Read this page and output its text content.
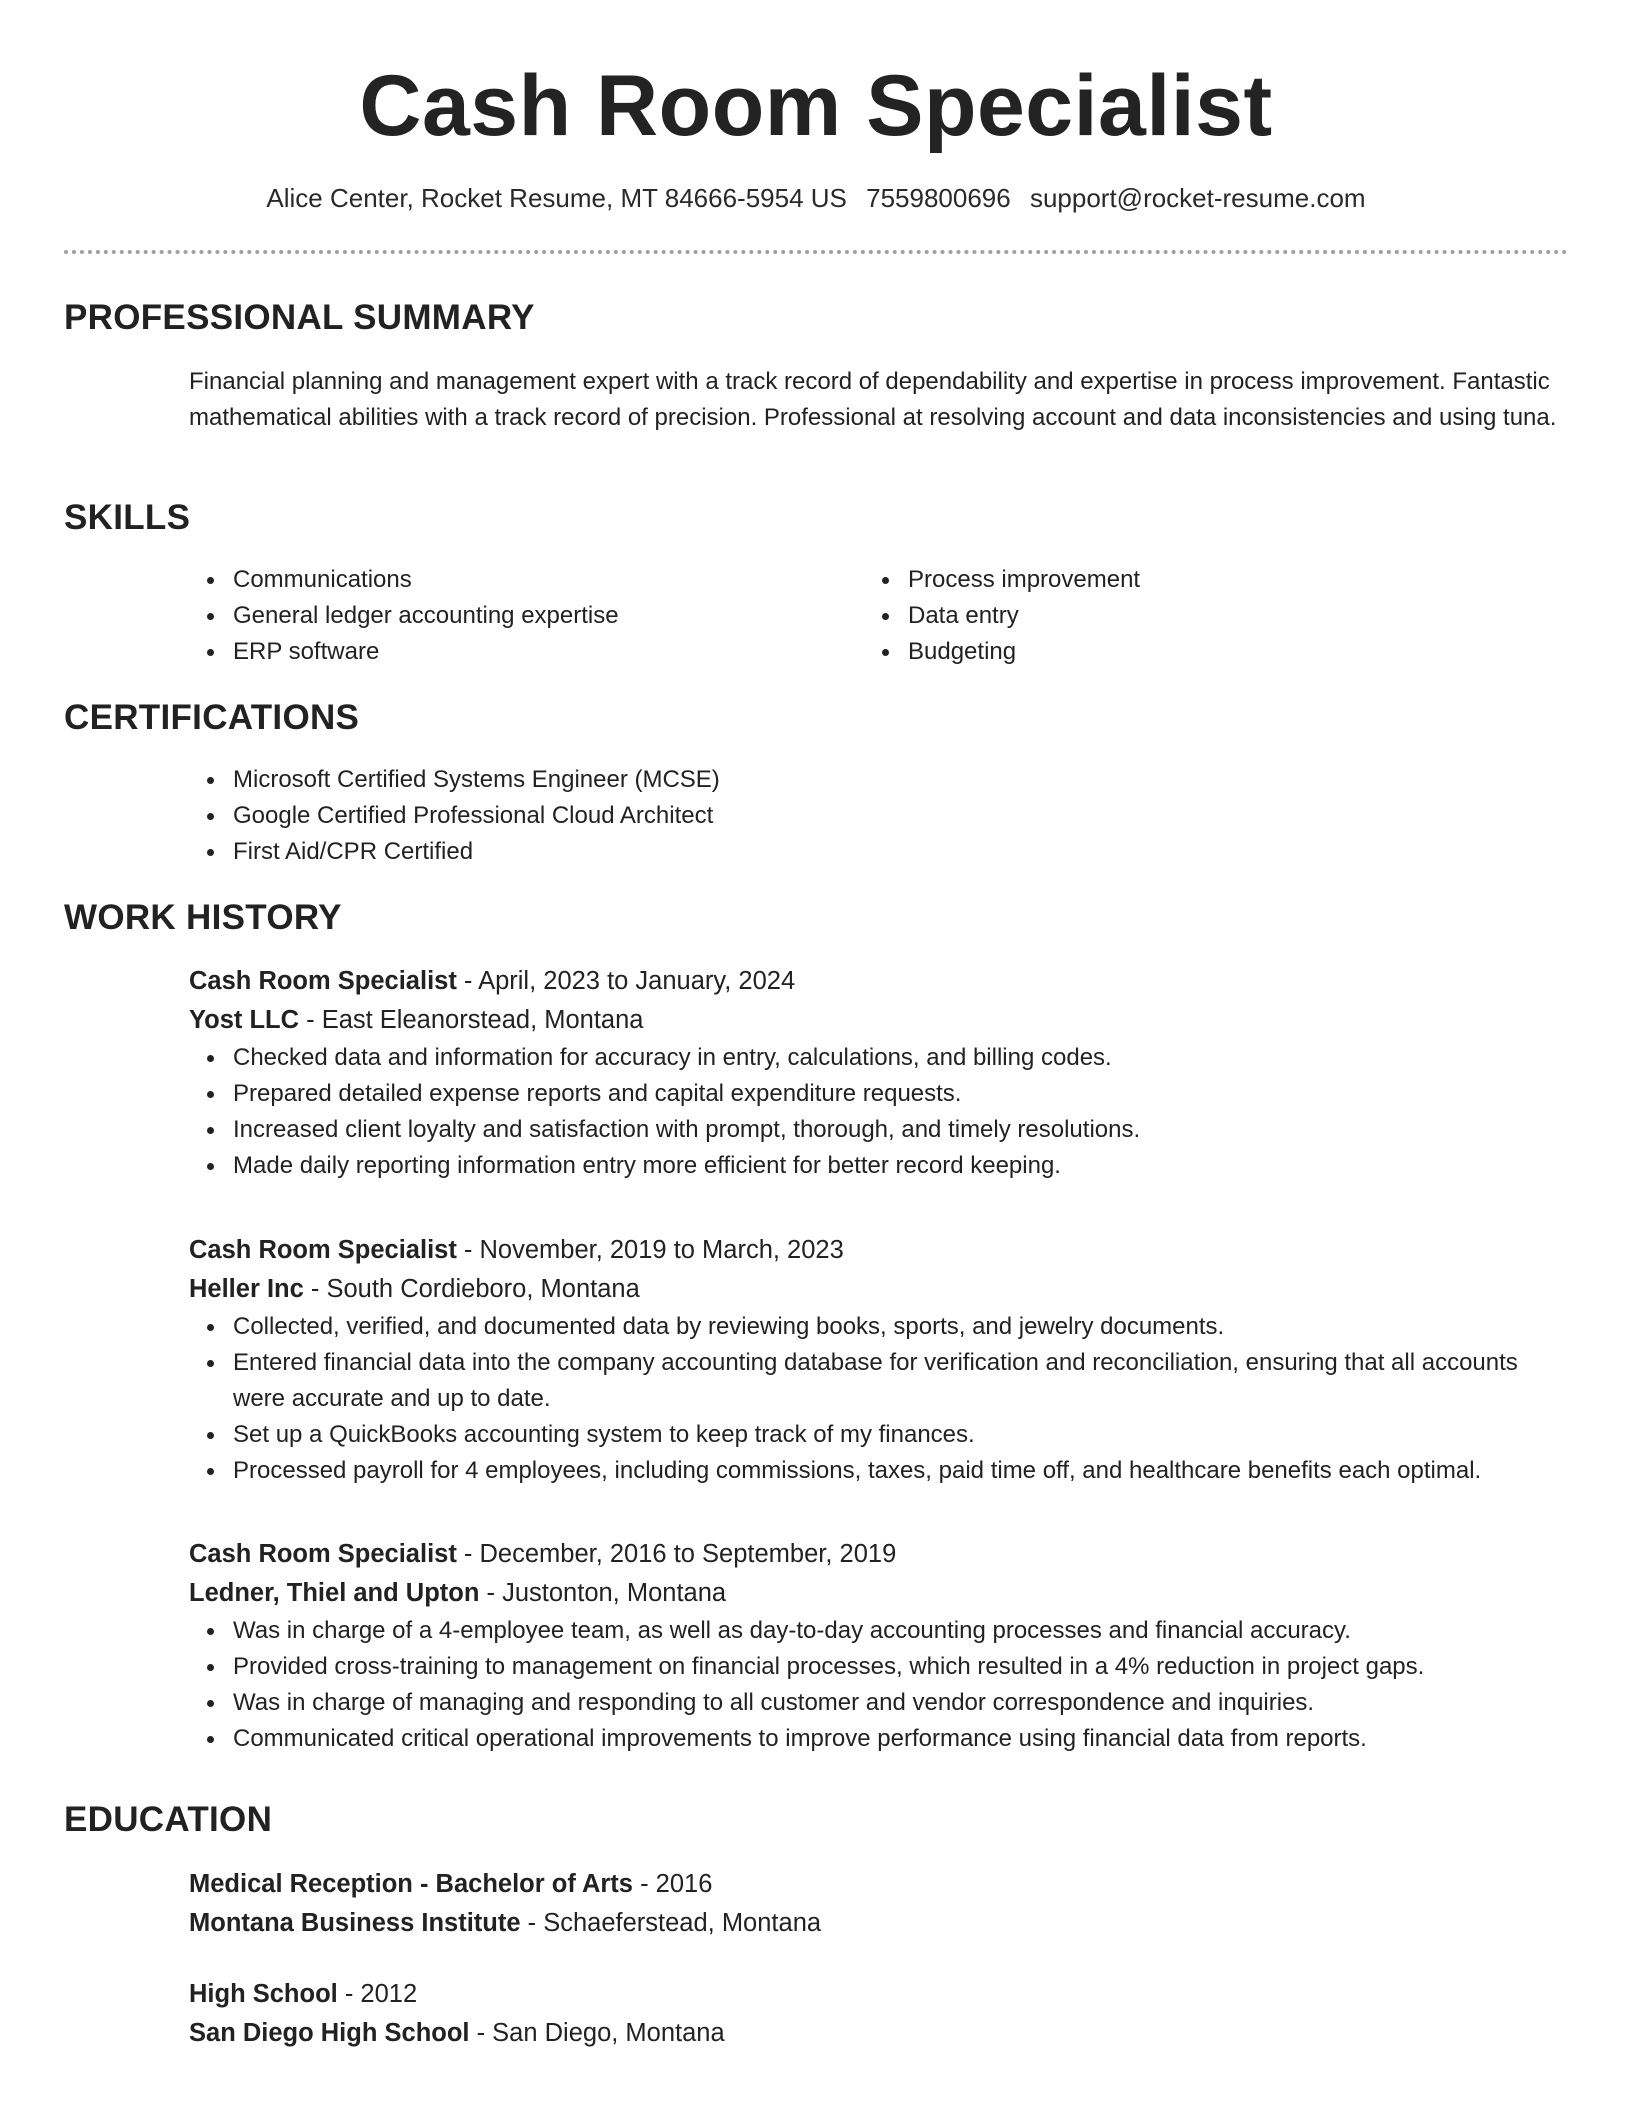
Cash Room Specialist
Alice Center, Rocket Resume, MT 84666-5954 US 7559800696 support@rocket-resume.com
PROFESSIONAL SUMMARY
Financial planning and management expert with a track record of dependability and expertise in process improvement. Fantastic mathematical abilities with a track record of precision. Professional at resolving account and data inconsistencies and using tuna.
SKILLS
Communications
General ledger accounting expertise
ERP software
Process improvement
Data entry
Budgeting
CERTIFICATIONS
Microsoft Certified Systems Engineer (MCSE)
Google Certified Professional Cloud Architect
First Aid/CPR Certified
WORK HISTORY
Cash Room Specialist - April, 2023 to January, 2024
Yost LLC - East Eleanorstead, Montana
Checked data and information for accuracy in entry, calculations, and billing codes.
Prepared detailed expense reports and capital expenditure requests.
Increased client loyalty and satisfaction with prompt, thorough, and timely resolutions.
Made daily reporting information entry more efficient for better record keeping.
Cash Room Specialist - November, 2019 to March, 2023
Heller Inc - South Cordieboro, Montana
Collected, verified, and documented data by reviewing books, sports, and jewelry documents.
Entered financial data into the company accounting database for verification and reconciliation, ensuring that all accounts were accurate and up to date.
Set up a QuickBooks accounting system to keep track of my finances.
Processed payroll for 4 employees, including commissions, taxes, paid time off, and healthcare benefits each optimal.
Cash Room Specialist - December, 2016 to September, 2019
Ledner, Thiel and Upton - Justonton, Montana
Was in charge of a 4-employee team, as well as day-to-day accounting processes and financial accuracy.
Provided cross-training to management on financial processes, which resulted in a 4% reduction in project gaps.
Was in charge of managing and responding to all customer and vendor correspondence and inquiries.
Communicated critical operational improvements to improve performance using financial data from reports.
EDUCATION
Medical Reception - Bachelor of Arts - 2016
Montana Business Institute - Schaeferstead, Montana
High School - 2012
San Diego High School - San Diego, Montana
